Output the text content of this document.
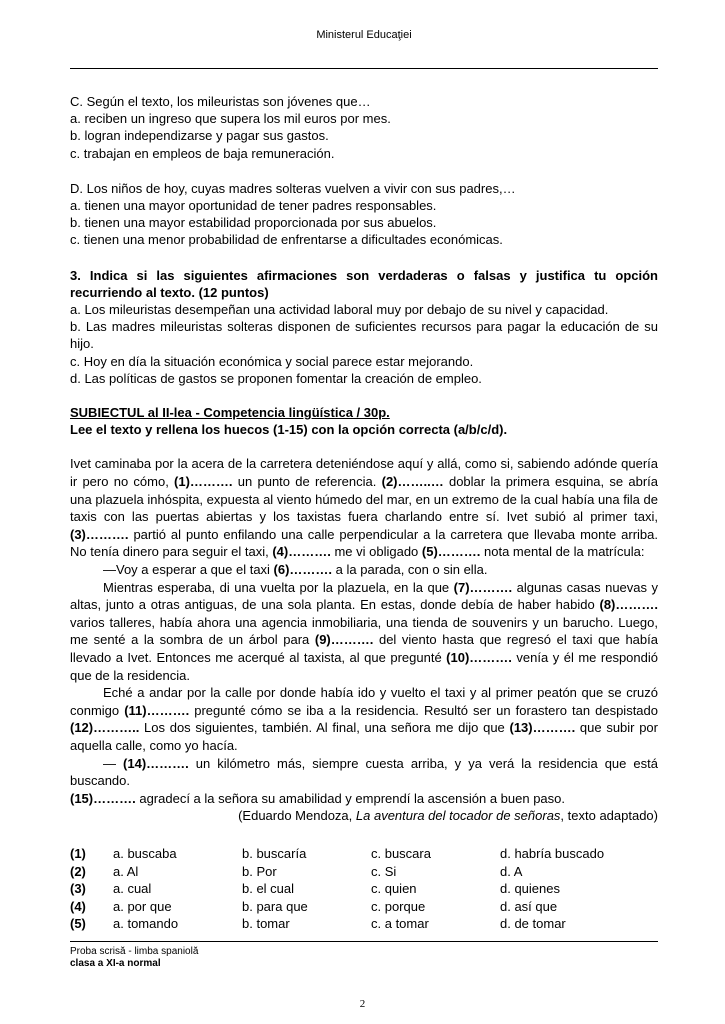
Ministerul Educaţiei

C. Según el texto, los mileuristas son jóvenes que…

a. reciben un ingreso que supera los mil euros por mes.

b. logran independizarse y pagar sus gastos.

c. trabajan en empleos de baja remuneración.

D. Los niños de hoy, cuyas madres solteras vuelven a vivir con sus padres,…

a. tienen una mayor oportunidad de tener padres responsables.

b. tienen una mayor estabilidad proporcionada por sus abuelos.

c. tienen una menor probabilidad de enfrentarse a dificultades económicas.

3. Indica si las siguientes afirmaciones son verdaderas o falsas y justifica tu opción recurriendo al texto. (12 puntos)

a. Los mileuristas desempeñan una actividad laboral muy por debajo de su nivel y capacidad.

b. Las madres mileuristas solteras disponen de suficientes recursos para pagar la educación de su hijo.

c. Hoy en día la situación económica y social parece estar mejorando.

d. Las políticas de gastos se proponen fomentar la creación de empleo.

SUBIECTUL al II-lea - Competencia lingüística / 30p.

Lee el texto y rellena los huecos (1-15) con la opción correcta (a/b/c/d).

Ivet caminaba por la acera de la carretera deteniéndose aquí y allá, como si, sabiendo adónde quería ir pero no cómo, (1)………. un punto de referencia. (2)……..… doblar la primera esquina, se abría una plazuela inhóspita, expuesta al viento húmedo del mar, en un extremo de la cual había una fila de taxis con las puertas abiertas y los taxistas fuera charlando entre sí. Ivet subió al primer taxi, (3)………. partió al punto enfilando una calle perpendicular a la carretera que llevaba monte arriba. No tenía dinero para seguir el taxi, (4)………. me vi obligado (5)………. nota mental de la matrícula:

—Voy a esperar a que el taxi (6)………. a la parada, con o sin ella.

Mientras esperaba, di una vuelta por la plazuela, en la que (7)………. algunas casas nuevas y altas, junto a otras antiguas, de una sola planta. En estas, donde debía de haber habido (8)………. varios talleres, había ahora una agencia inmobiliaria, una tienda de souvenirs y un barucho. Luego, me senté a la sombra de un árbol para (9)………. del viento hasta que regresó el taxi que había llevado a Ivet. Entonces me acerqué al taxista, al que pregunté (10)………. venía y él me respondió que de la residencia.

Eché a andar por la calle por donde había ido y vuelto el taxi y al primer peatón que se cruzó conmigo (11)………. pregunté cómo se iba a la residencia. Resultó ser un forastero tan despistado (12)……….. Los dos siguientes, también. Al final, una señora me dijo que (13)………. que subir por aquella calle, como yo hacía.

— (14)………. un kilómetro más, siempre cuesta arriba, y ya verá la residencia que está buscando.

(15)………. agradecí a la señora su amabilidad y emprendí la ascensión a buen paso.

(Eduardo Mendoza, La aventura del tocador de señoras, texto adaptado)

(1)	a. buscaba	b. buscaría	c. buscara	d. habría buscado
(2)	a. Al	b. Por	c. Si	d. A
(3)	a. cual	b. el cual	c. quien	d. quienes
(4)	a. por que	b. para que	c. porque	d. así que
(5)	a. tomando	b. tomar	c. a tomar	d. de tomar
Proba scrisă - limba spaniolă
clasa a XI-a normal
2
